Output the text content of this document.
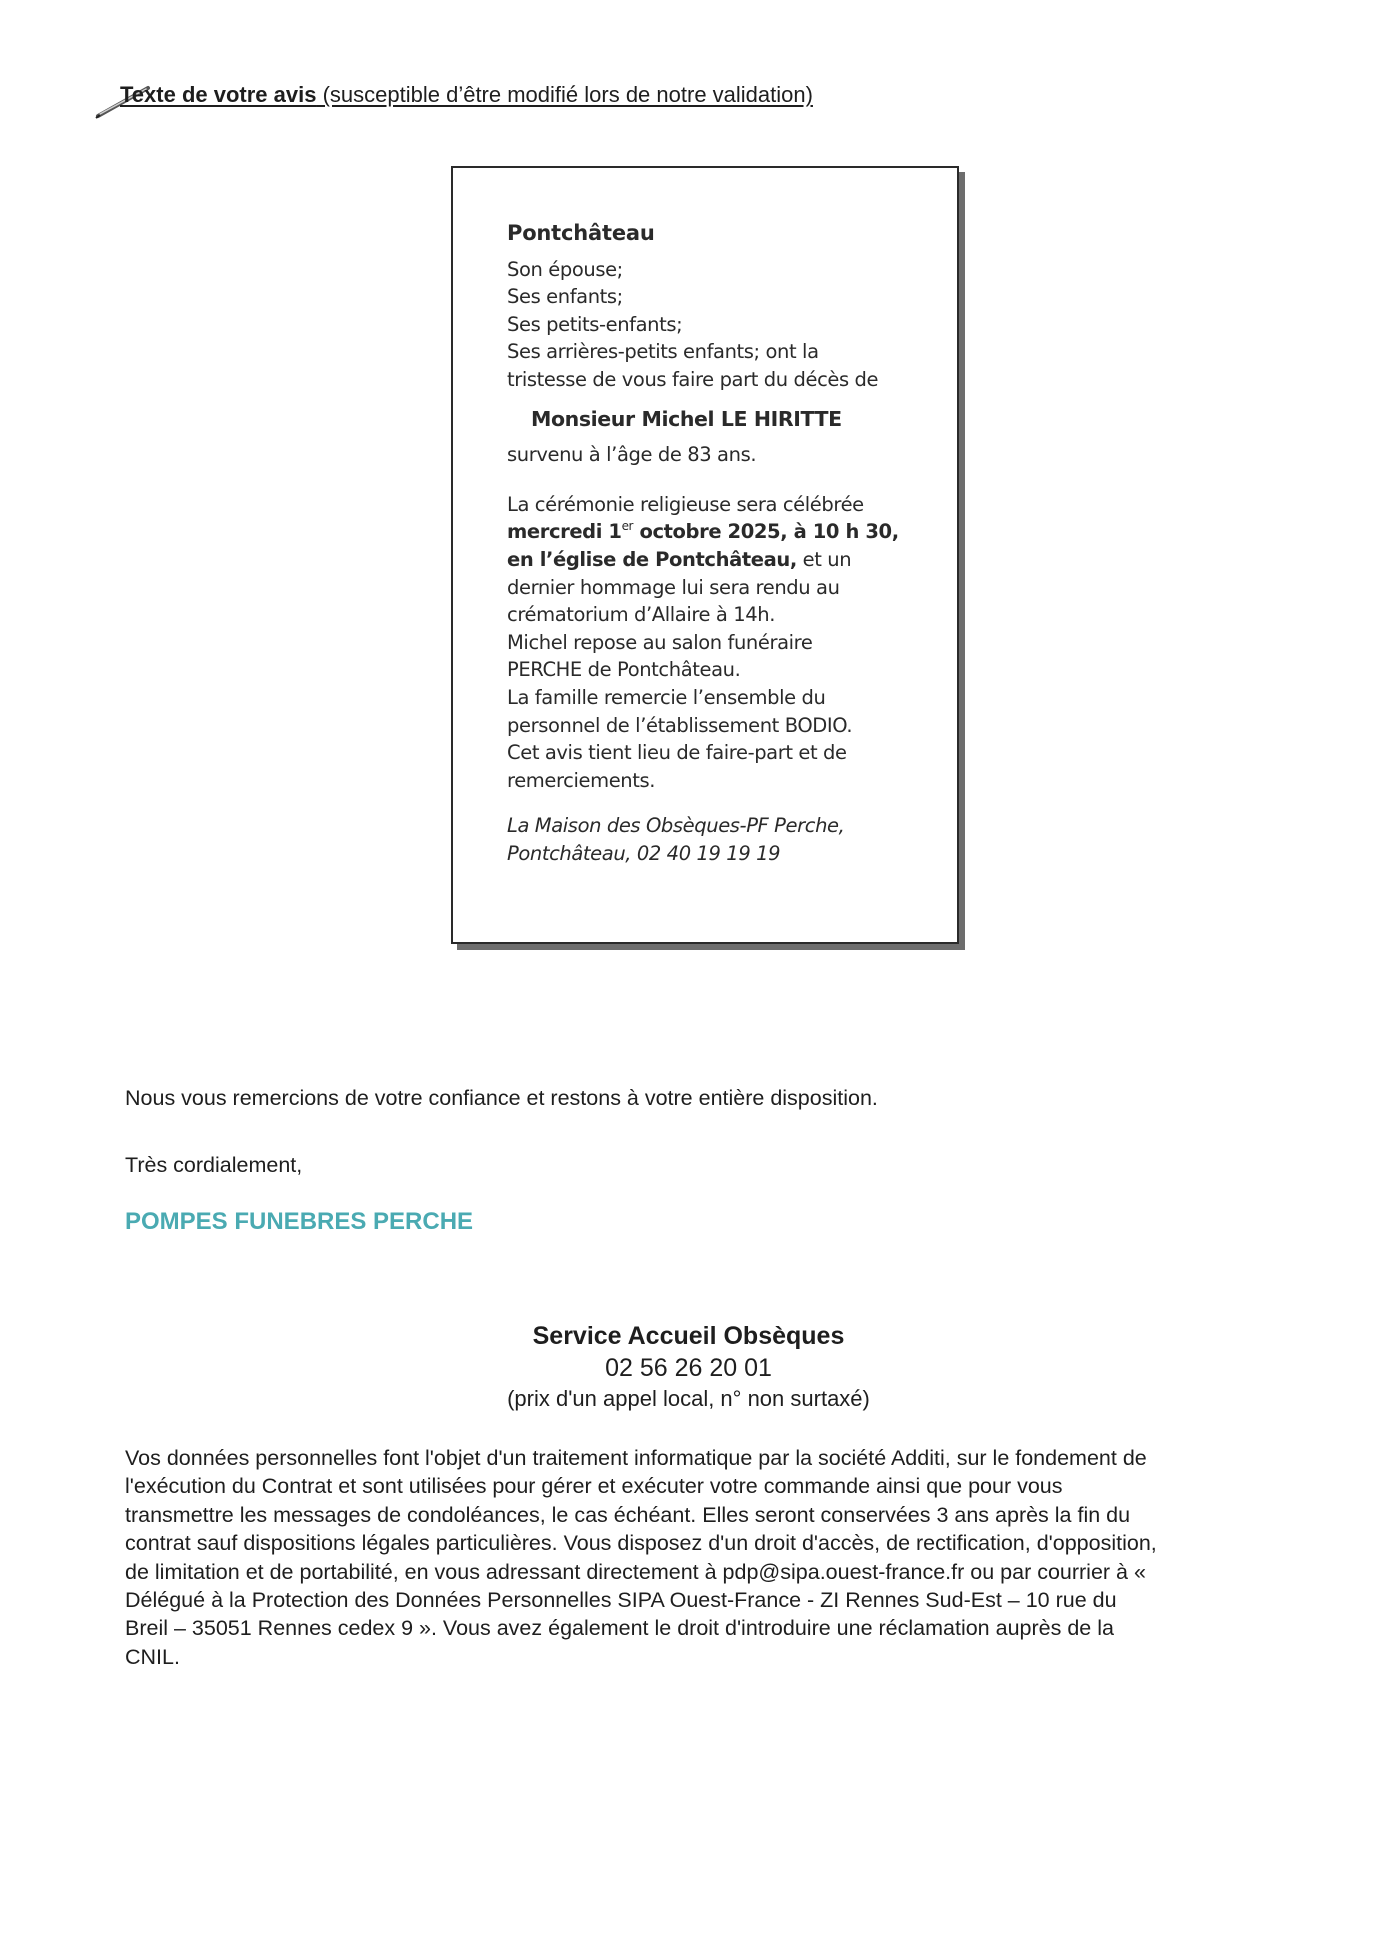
Texte de votre avis (susceptible d’être modifié lors de notre validation)
Pontchâteau
Son épouse;
Ses enfants;
Ses petits-enfants;
Ses arrières-petits enfants; ont la
tristesse de vous faire part du décès de
Monsieur Michel LE HIRITTE
survenu à l’âge de 83 ans.
La cérémonie religieuse sera célébrée
mercredi 1er octobre 2025, à 10 h 30,
en l’église de Pontchâteau, et un
dernier hommage lui sera rendu au
crématorium d’Allaire à 14h.
Michel repose au salon funéraire
PERCHE de Pontchâteau.
La famille remercie l’ensemble du
personnel de l’établissement BODIO.
Cet avis tient lieu de faire-part et de
remerciements.
La Maison des Obsèques-PF Perche,
Pontchâteau, 02 40 19 19 19
Nous vous remercions de votre confiance et restons à votre entière disposition.
Très cordialement,
POMPES FUNEBRES PERCHE
Service Accueil Obsèques
02 56 26 20 01
(prix d'un appel local, n° non surtaxé)
Vos données personnelles font l'objet d'un traitement informatique par la société Additi, sur le fondement de
l'exécution du Contrat et sont utilisées pour gérer et exécuter votre commande ainsi que pour vous
transmettre les messages de condoléances, le cas échéant. Elles seront conservées 3 ans après la fin du
contrat sauf dispositions légales particulières. Vous disposez d'un droit d'accès, de rectification, d'opposition,
de limitation et de portabilité, en vous adressant directement à pdp@sipa.ouest-france.fr ou par courrier à «
Délégué à la Protection des Données Personnelles SIPA Ouest-France - ZI Rennes Sud-Est – 10 rue du
Breil – 35051 Rennes cedex 9 ». Vous avez également le droit d'introduire une réclamation auprès de la
CNIL.
